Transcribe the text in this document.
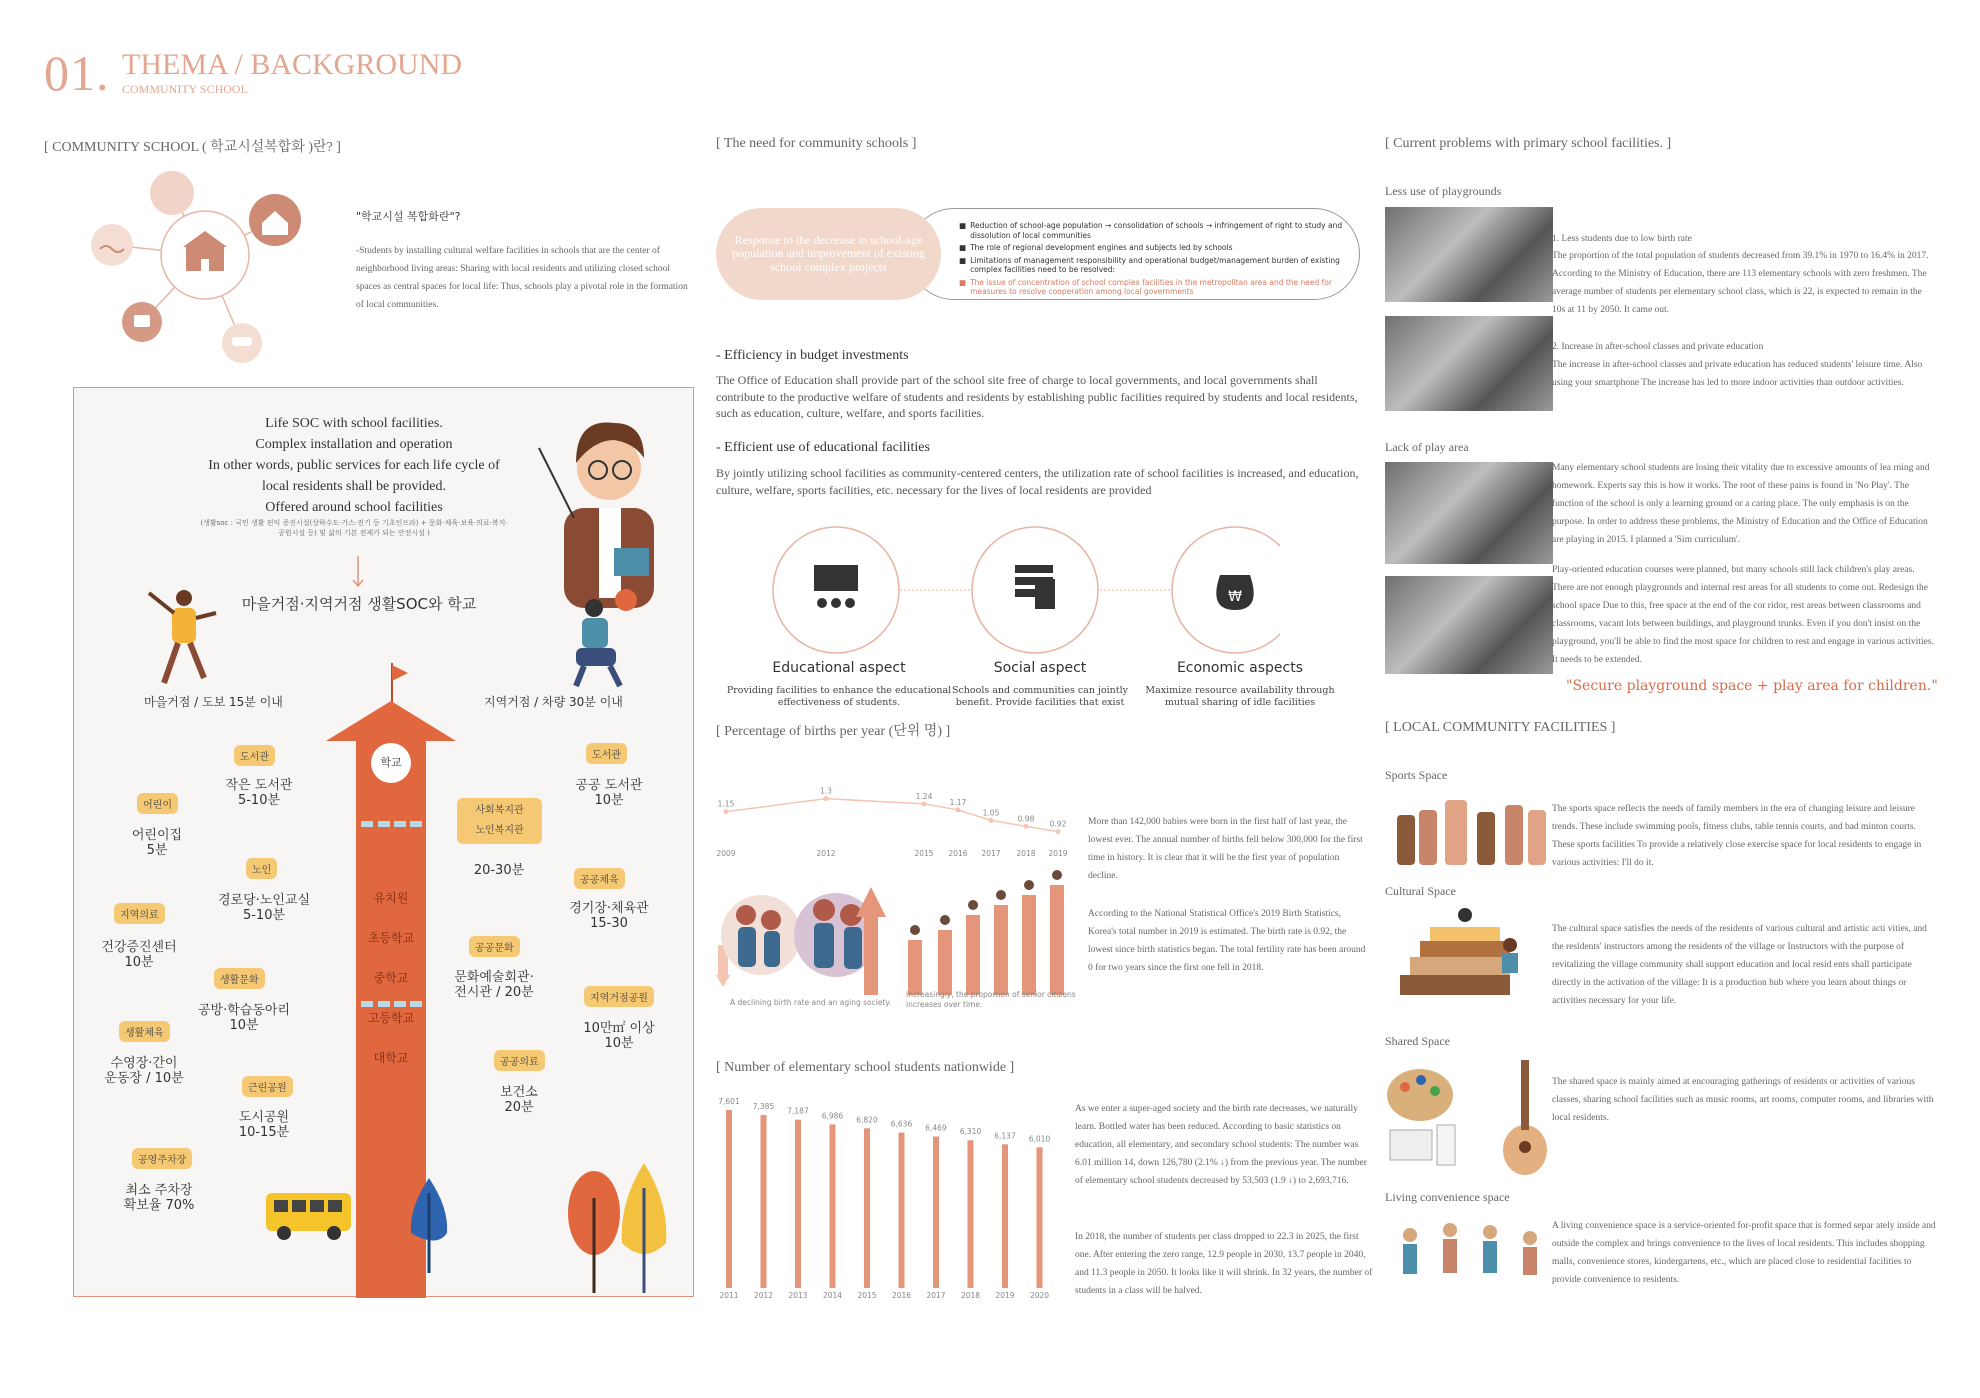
01. THEMA / BACKGROUND
COMMUNITY SCHOOL
[ COMMUNITY SCHOOL ( 학교시설복합화 )란? ]
"학교시설 복합화란"?
-Students by installing cultural welfare facilities in schools that are the center of neighborhood living areas: Sharing with local residents and utilizing closed school spaces as central spaces for local life: Thus, schools play a pivotal role in the formation of local communities.
Life SOC with school facilities.
Complex installation and operation
In other words, public services for each life cycle of
local residents shall be provided.
Offered around school facilities
(생활soc : 국민 생활 편익 증진시설(상하수도·가스·전기 등 기초인프라) + 문화·체육·보육·의료·복지·공원시설 등) 및 삶의 기본 전제가 되는 안전시설 )
마을거점·지역거점 생활SOC와 학교
마을거점 / 도보 15분 이내	지역거점 / 차량 30분 이내
학교
유치원
초등학교
중학교
고등학교
대학교
도서관
작은 도서관
5-10분
어린이
어린이집
5분
노인
경로당·노인교실
5-10분
지역의료
건강증진센터
10분
생활문화
공방·학습동아리
10분
생활체육
수영장·간이
운동장 / 10분
근린공원
도시공원
10-15분
공영주차장
최소 주차장
확보율 70%
도서관
공공 도서관
10분
사회복지관
노인복지관
20-30분
공공체육
경기장·체육관
15-30
공공문화
문화예술회관·
전시관 / 20분	지역거점공원
10만㎡ 이상
10분
공공의료
보건소
20분
[ The need for community schools ]
■ Reduction of school-age population → consolidation of schools → infringement of right to study and dissolution of local communities
■ The role of regional development engines and subjects led by schools
■ Limitations of management responsibility and operational budget/management burden of existing complex facilities need to be resolved:
■ The issue of concentration of school complex facilities in the metropolitan area and the need for measures to resolve cooperation among local governments
Response to the decrease in school-age population and improvement of existing school complex projects
- Efficiency in budget investments
The Office of Education shall provide part of the school site free of charge to local governments, and local governments shall contribute to the productive welfare of students and residents by establishing public facilities required by students and local residents, such as education, culture, welfare, and sports facilities.
- Efficient use of educational facilities
By jointly utilizing school facilities as community-centered centers, the utilization rate of school facilities is increased, and education, culture, welfare, sports facilities, etc. necessary for the lives of local residents are provided
₩
Educational aspect
Providing facilities to enhance the educational effectiveness of students.
Social aspect
Schools and communities can jointly benefit. Provide facilities that exist
Economic aspects
Maximize resource availability through mutual sharing of idle facilities
[ Percentage of births per year (단위 명) ]
1.15
2009
1.3
2012
1.24
2015
1.17
2016
1.05
2017
0.98
2018
0.92
2019
A declining birth rate and an aging society.
Increasingly, the proportion of senior citizens increases over time.
More than 142,000 babies were born in the first half of last year, the lowest ever. The annual number of births fell below 300,000 for the first time in history. It is clear that it will be the first year of population decline.
According to the National Statistical Office's 2019 Birth Statistics, Korea's total number in 2019 is estimated. The birth rate is 0.92, the lowest since birth statistics began. The total fertility rate has been around 0 for two years since the first one fell in 2018.
[ Number of elementary school students nationwide ]
7,601
2011
7,385
2012
7,187
2013
6,986
2014
6,820
2015
6,636
2016
6,469
2017
6,310
2018
6,137
2019
6,010
2020
As we enter a super-aged society and the birth rate decreases, we naturally learn. Bottled water has been reduced. According to basic statistics on education, all elementary, and secondary school students: The number was 6.01 million 14, down 126,780 (2.1% ↓) from the previous year. The number of elementary school students decreased by 53,503 (1.9 ↓) to 2,693,716.
In 2018, the number of students per class dropped to 22.3 in 2025, the first one. After entering the zero range, 12.9 people in 2030, 13.7 people in 2040, and 11.3 people in 2050. It looks like it will shrink. In 32 years, the number of students in a class will be halved.
[ Current problems with primary school facilities. ]
Less use of playgrounds
1. Less students due to low birth rate
The proportion of the total population of students decreased from 39.1% in 1970 to 16.4% in 2017. According to the Ministry of Education, there are 113 elementary schools with zero freshmen. The average number of students per elementary school class, which is 22, is expected to remain in the 10s at 11 by 2050. It came out.
2. Increase in after-school classes and private education
The increase in after-school classes and private education has reduced students' leisure time. Also using your smartphone The increase has led to more indoor activities than outdoor activities.
Lack of play area
Many elementary school students are losing their vitality due to excessive amounts of lea rning and homework. Experts say this is how it works. The root of these pains is found in 'No Play'. The function of the school is only a learning ground or a caring place. The only emphasis is on the purpose. In order to address these problems, the Ministry of Education and the Office of Education are playing in 2015. I planned a 'Sim curriculum'.
Play-oriented education courses were planned, but many schools still lack children's play areas. There are not enough playgrounds and internal rest areas for all students to come out. Redesign the school space Due to this, free space at the end of the cor ridor, rest areas between classrooms and classrooms, vacant lots between buildings, and playground trunks. Even if you don't insist on the playground, you'll be able to find the most space for children to rest and engage in various activities. It needs to be extended.
"Secure playground space + play area for children."
[ LOCAL COMMUNITY FACILITIES ]
Sports Space
The sports space reflects the needs of family members in the era of changing leisure and leisure trends. These include swimming pools, fitness clubs, table tennis courts, and bad minton courts. These sports facilities To provide a relatively close exercise space for local residents to engage in various activities: I'll do it.
Cultural Space
The cultural space satisfies the needs of the residents of various cultural and artistic acti vities, and the residents' instructors among the residents of the village or Instructors with the purpose of revitalizing the village community shall support education and local resid ents shall participate directly in the activation of the village: It is a production hub where you learn about things or activities necessary for your life.
Shared Space
The shared space is mainly aimed at encouraging gatherings of residents or activities of various classes, sharing school facilities such as music rooms, art rooms, computer rooms, and libraries with local residents.
Living convenience space
A living convenience space is a service-oriented for-profit space that is formed separ ately inside and outside the complex and brings convenience to the lives of local residents. This includes shopping malls, convenience stores, kindergartens, etc., which are placed close to residential facilities to provide convenience to residents.
